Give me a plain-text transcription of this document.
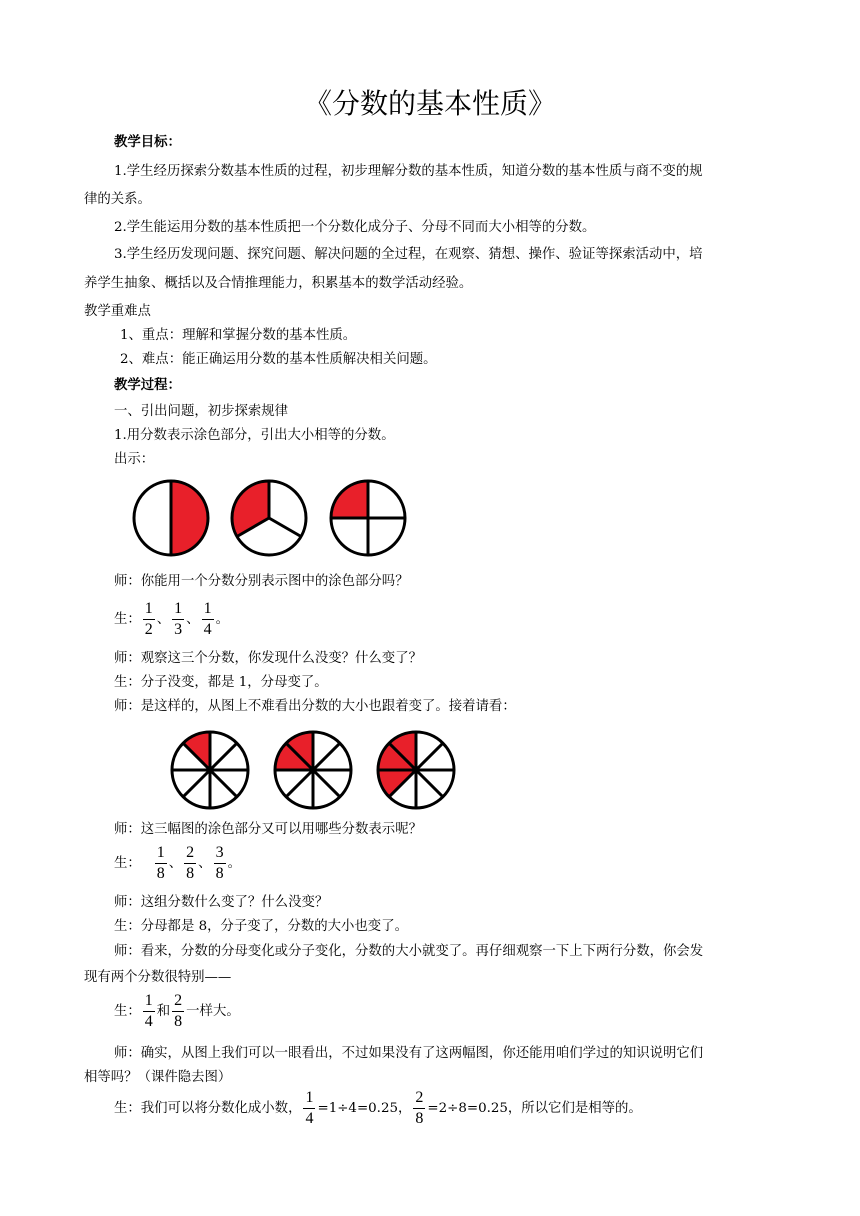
《分数的基本性质》
教学目标：
1.学生经历探索分数基本性质的过程，初步理解分数的基本性质，知道分数的基本性质与商不变的规
律的关系。
2.学生能运用分数的基本性质把一个分数化成分子、分母不同而大小相等的分数。
3.学生经历发现问题、探究问题、解决问题的全过程，在观察、猜想、操作、验证等探索活动中，培
养学生抽象、概括以及合情推理能力，积累基本的数学活动经验。
教学重难点
1、重点：理解和掌握分数的基本性质。
2、难点：能正确运用分数的基本性质解决相关问题。
教学过程：
一、引出问题，初步探索规律
1.用分数表示涂色部分，引出大小相等的分数。
出示：
师：你能用一个分数分别表示图中的涂色部分吗？
生： $\frac{1}{2}$ 、 $\frac{1}{3}$ 、 $\frac{1}{4}$ 。
师：观察这三个分数，你发现什么没变？什么变了？
生：分子没变，都是 1，分母变了。
师：是这样的，从图上不难看出分数的大小也跟着变了。接着请看：
师：这三幅图的涂色部分又可以用哪些分数表示呢？
生： $\frac{1}{8}$ 、 $\frac{2}{8}$ 、 $\frac{3}{8}$ 。
师：这组分数什么变了？什么没变？
生：分母都是 8，分子变了，分数的大小也变了。
师：看来，分数的分母变化或分子变化，分数的大小就变了。再仔细观察一下上下两行分数，你会发
现有两个分数很特别——
生： $\frac{1}{4}$ 和 $\frac{2}{8}$ 一样大。
师：确实，从图上我们可以一眼看出，不过如果没有了这两幅图，你还能用咱们学过的知识说明它们
相等吗？（课件隐去图）
生：我们可以将分数化成小数， $\frac{1}{4} =1\div 4=0.25$， $\frac{2}{8} =2\div 8=0.25$，所以它们是相等的。
